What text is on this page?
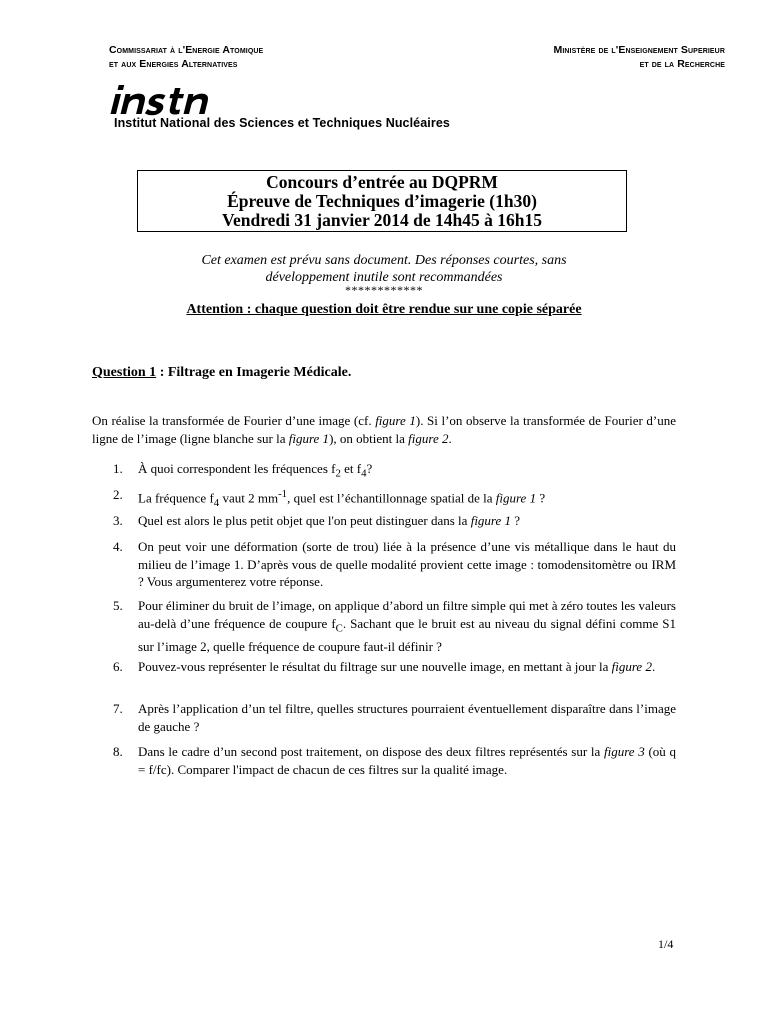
Commissariat à l'Energie Atomique
et aux Energies Alternatives
Ministère de l'Enseignement Superieur
et de la Recherche
instn
Institut National des Sciences et Techniques Nucléaires
Concours d’entrée au DQPRM
Épreuve de Techniques d’imagerie (1h30)
Vendredi 31 janvier 2014 de 14h45 à 16h15
Cet examen est prévu sans document. Des réponses courtes, sans
développement inutile sont recommandées
************
Attention : chaque question doit être rendue sur une copie séparée
Question 1 : Filtrage en Imagerie Médicale.
On réalise la transformée de Fourier d’une image (cf. figure 1). Si l’on observe la transformée de Fourier d’une ligne de l’image (ligne blanche sur la figure 1), on obtient la figure 2.
1. À quoi correspondent les fréquences $f_2$ et $f_4$?
2. La fréquence $f_4$ vaut 2 $mm^{-1}$, quel est l’échantillonnage spatial de la figure 1 ?
3. Quel est alors le plus petit objet que l'on peut distinguer dans la figure 1 ?
4. On peut voir une déformation (sorte de trou) liée à la présence d’une vis métallique dans le haut du milieu de l’image 1. D’après vous de quelle modalité provient cette image : tomodensitomètre ou IRM ? Vous argumenterez votre réponse.
5. Pour éliminer du bruit de l’image, on applique d’abord un filtre simple qui met à zéro toutes les valeurs au-delà d’une fréquence de coupure $f_C$. Sachant que le bruit est au niveau du signal défini comme S1 sur l’image 2, quelle fréquence de coupure faut-il définir ?
6. Pouvez-vous représenter le résultat du filtrage sur une nouvelle image, en mettant à jour la figure 2.
7. Après l’application d’un tel filtre, quelles structures pourraient éventuellement disparaître dans l’image de gauche ?
8. Dans le cadre d’un second post traitement, on dispose des deux filtres représentés sur la figure 3 (où q = f/fc). Comparer l'impact de chacun de ces filtres sur la qualité image.
1/4
